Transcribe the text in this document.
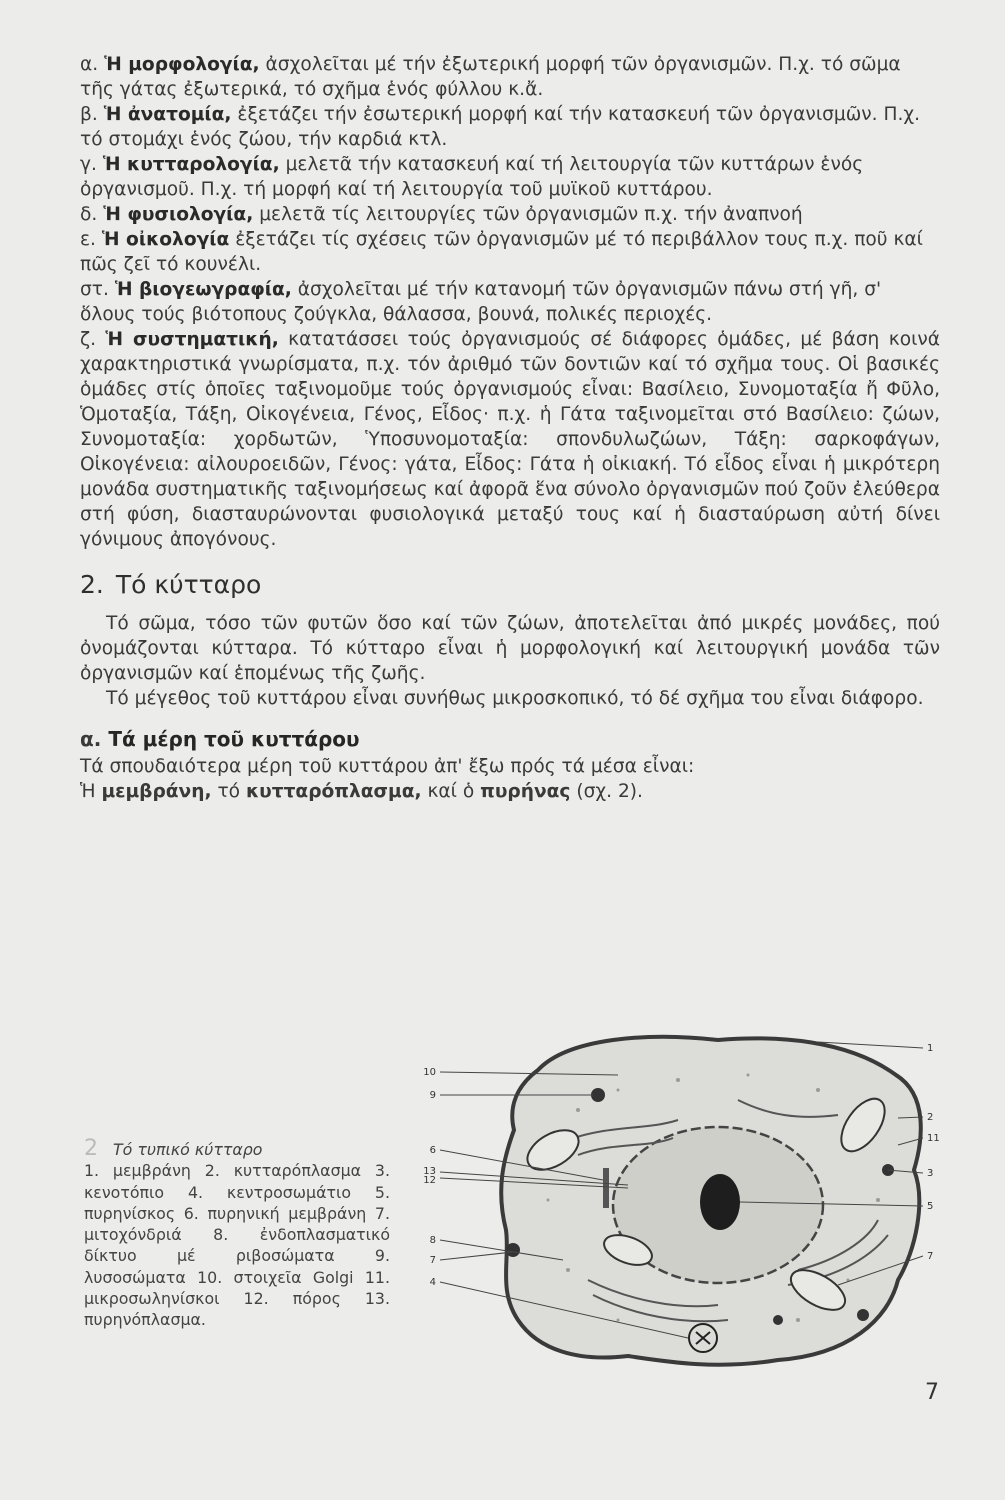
α. Ἡ μορφολογία, ἀσχολεῖται μέ τήν ἐξωτερική μορφή τῶν ὀργανισμῶν. Π.χ. τό σῶμα τῆς γάτας ἐξωτερικά, τό σχῆμα ἑνός φύλλου κ.ἄ.

β. Ἡ ἀνατομία, ἐξετάζει τήν ἐσωτερική μορφή καί τήν κατασκευή τῶν ὀργανισμῶν. Π.χ. τό στομάχι ἑνός ζώου, τήν καρδιά κτλ.

γ. Ἡ κυτταρολογία, μελετᾶ τήν κατασκευή καί τή λειτουργία τῶν κυττάρων ἑνός ὀργανισμοῦ. Π.χ. τή μορφή καί τή λειτουργία τοῦ μυϊκοῦ κυττάρου.

δ. Ἡ φυσιολογία, μελετᾶ τίς λειτουργίες τῶν ὀργανισμῶν π.χ. τήν ἀναπνοή

ε. Ἡ οἰκολογία ἐξετάζει τίς σχέσεις τῶν ὀργανισμῶν μέ τό περιβάλλον τους π.χ. ποῦ καί πῶς ζεῖ τό κουνέλι.

στ. Ἡ βιογεωγραφία, ἀσχολεῖται μέ τήν κατανομή τῶν ὀργανισμῶν πάνω στή γῆ, σ' ὅλους τούς βιότοπους ζούγκλα, θάλασσα, βουνά, πολικές περιοχές.

ζ. Ἡ συστηματική, κατατάσσει τούς ὀργανισμούς σέ διάφορες ὁμάδες, μέ βάση κοινά χαρακτηριστικά γνωρίσματα, π.χ. τόν ἀριθμό τῶν δοντιῶν καί τό σχῆμα τους. Οἱ βασικές ὁμάδες στίς ὁποῖες ταξινομοῦμε τούς ὀργανισμούς εἶναι: Βασίλειο, Συνομοταξία ἤ Φῦλο, Ὁμοταξία, Τάξη, Οἰκογένεια, Γένος, Εἶδος· π.χ. ἡ Γάτα ταξινομεῖται στό Βασίλειο: ζώων, Συνομοταξία: χορδωτῶν, Ὑποσυνομοταξία: σπονδυλωζώων, Τάξη: σαρκοφάγων, Οἰκογένεια: αἰλουροειδῶν, Γένος: γάτα, Εἶδος: Γάτα ἡ οἰκιακή. Τό εἶδος εἶναι ἡ μικρότερη μονάδα συστηματικῆς ταξινομήσεως καί ἀφορᾶ ἕνα σύνολο ὀργανισμῶν πού ζοῦν ἐλεύθερα στή φύση, διασταυρώνονται φυσιολογικά μεταξύ τους καί ἡ διασταύρωση αὐτή δίνει γόνιμους ἀπογόνους.

2. Τό κύτταρο

Τό σῶμα, τόσο τῶν φυτῶν ὅσο καί τῶν ζώων, ἀποτελεῖται ἀπό μικρές μονάδες, πού ὀνομάζονται κύτταρα. Τό κύτταρο εἶναι ἡ μορφολογική καί λειτουργική μονάδα τῶν ὀργανισμῶν καί ἑπομένως τῆς ζωῆς.

Τό μέγεθος τοῦ κυττάρου εἶναι συνήθως μικροσκοπικό, τό δέ σχῆμα του εἶναι διάφορο.

α. Τά μέρη τοῦ κυττάρου

Τά σπουδαιότερα μέρη τοῦ κυττάρου ἀπ' ἔξω πρός τά μέσα εἶναι:

Ἡ μεμβράνη, τό κυτταρόπλασμα, καί ὁ πυρήνας (σχ. 2).

2 Τό τυπικό κύτταρο
1. μεμβράνη 2. κυτταρόπλασμα 3. κενοτόπιο 4. κεντροσωμάτιο 5. πυρηνίσκος 6. πυρηνική μεμβράνη 7. μιτοχόνδριά 8. ἐνδοπλασματικό δίκτυο μέ ριβοσώματα 9. λυσοσώματα 10. στοιχεῖα Golgi 11. μικροσωληνίσκοι 12. πόρος 13. πυρηνόπλασμα.
10
9
6
13
12
8
7
4
1
2
11
3
5
7
7
